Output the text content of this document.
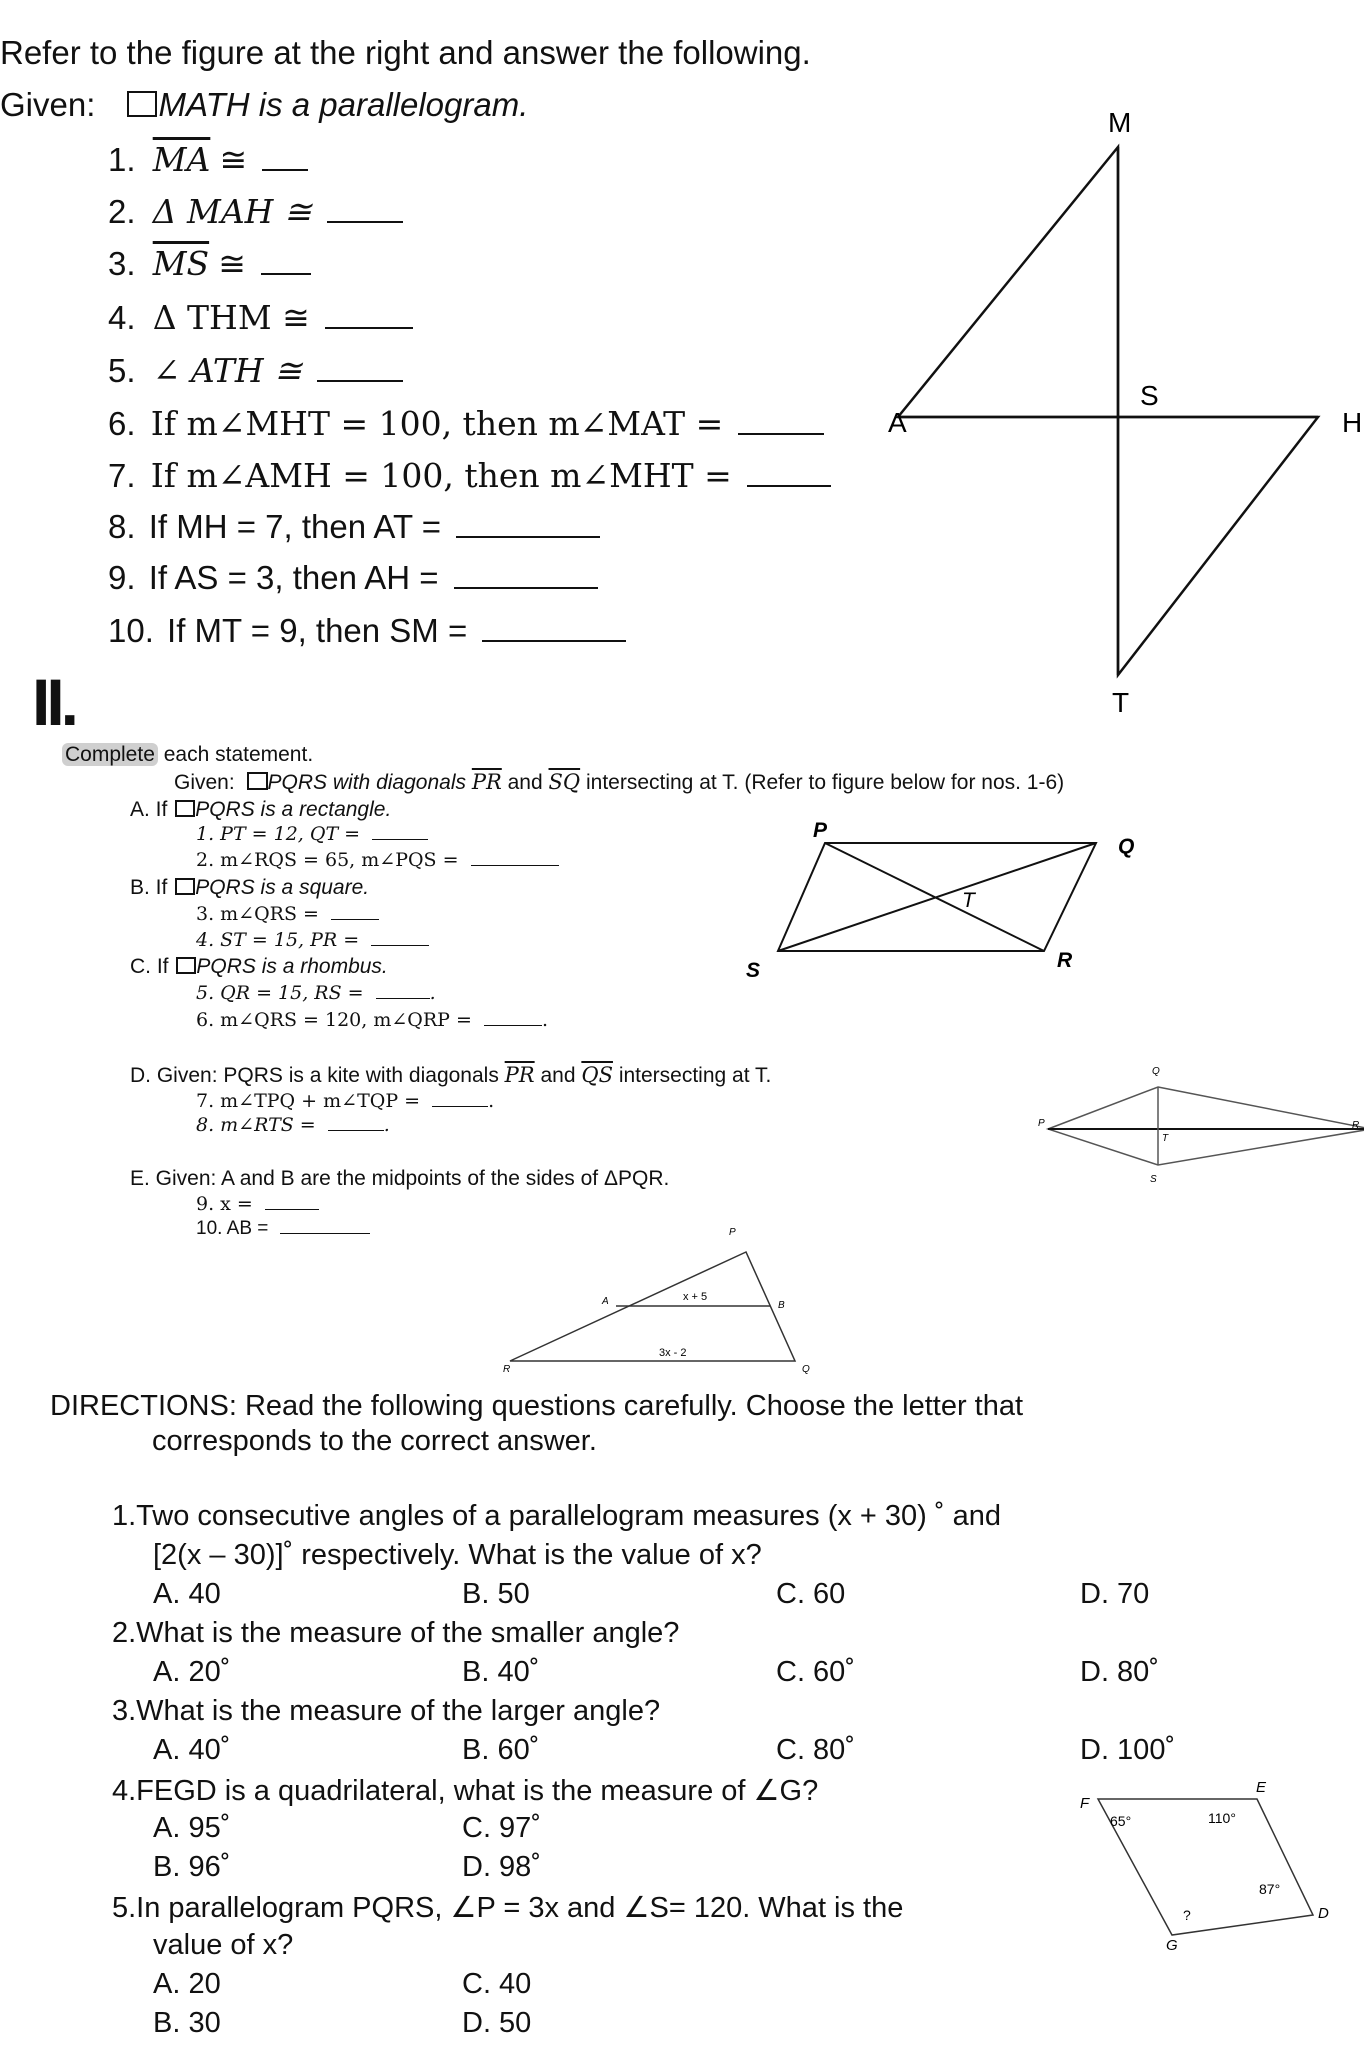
M
A	H
T
S
P
Q
R
S
T
Q
P	R
S
T
P
A	B
R	Q
x + 5
3x - 2
F
E
D
G
65°	110°
87°
?
Refer to the figure at the right and answer the following.
Given: MATH is a parallelogram.
1. $\overline{MA}$ ≅
2. Δ MAH ≅
3. $\overline{MS}$ ≅
4. Δ THM ≅
5. ∠ ATH ≅
6. If m∠MHT = 100, then m∠MAT =
7. If m∠AMH = 100, then m∠MHT =
8. If MH = 7, then AT =
9. If AS = 3, then AH =
10. If MT = 9, then SM =
II.
Complete each statement.
Given: PQRS with diagonals $\overline{PR}$ and $\overline{SQ}$ intersecting at T. (Refer to figure below for nos. 1-6)
A. If PQRS is a rectangle.
1. PT = 12, QT =
2. m∠RQS = 65, m∠PQS =
B. If PQRS is a square.
3. m∠QRS =
4. ST = 15, PR =
C. If PQRS is a rhombus.
5. QR = 15, RS =	.
6. m∠QRS = 120, m∠QRP =	.
D. Given: PQRS is a kite with diagonals $\overline{PR}$ and $\overline{QS}$ intersecting at T.
7. m∠TPQ + m∠TQP =	.
8. m∠RTS =	.
E. Given: A and B are the midpoints of the sides of ΔPQR.
9. x =
10. AB =
DIRECTIONS: Read the following questions carefully. Choose the letter that
corresponds to the correct answer.
1.Two consecutive angles of a parallelogram measures (x + 30) ˚ and
[2(x – 30)]˚ respectively. What is the value of x?
A. 40	B. 50	C. 60	D. 70
2.What is the measure of the smaller angle?
A. 20˚	B. 40˚	C. 60˚	D. 80˚
3.What is the measure of the larger angle?
A. 40˚	B. 60˚	C. 80˚	D. 100˚
4.FEGD is a quadrilateral, what is the measure of ∠G?
A. 95˚	C. 97˚
B. 96˚	D. 98˚
5.In parallelogram PQRS, ∠P = 3x and ∠S= 120. What is the
value of x?
A. 20	C. 40
B. 30	D. 50
